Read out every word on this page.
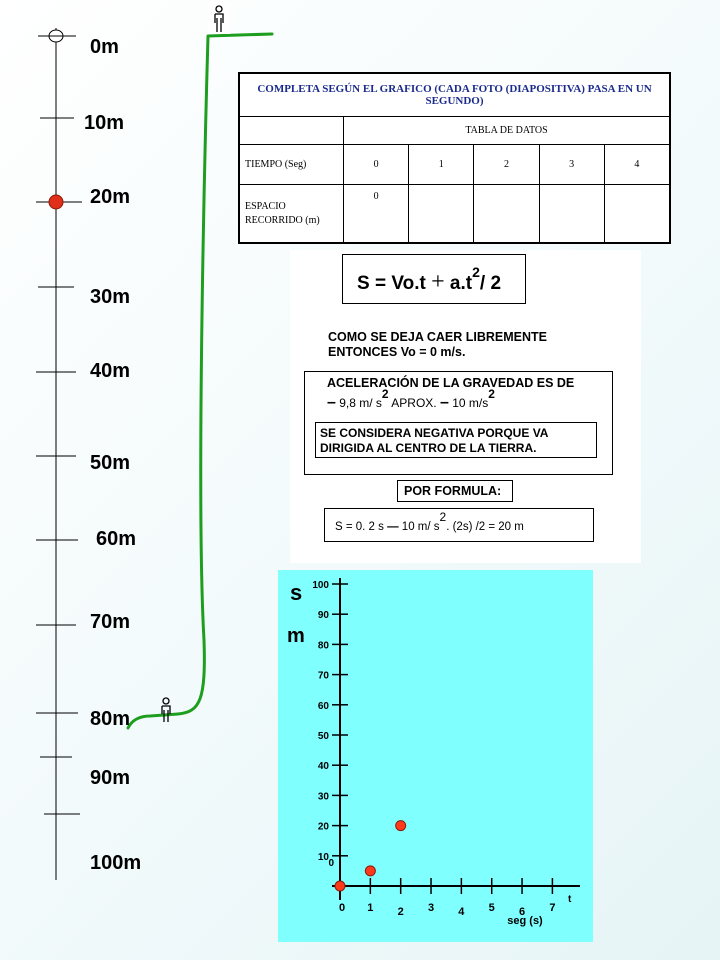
0m
10m
20m
30m
40m
50m
60m
70m
80m
90m
100m
COMPLETA SEGÚN EL GRAFICO (CADA FOTO (DIAPOSITIVA) PASA EN UN SEGUNDO)					
	TABLA DE DATOS				
TIEMPO (Seg)	0	1	2	3	4
ESPACIO RECORRIDO (m)	0				
$S = Vo.t + a.t^2/$ 2
COMO SE DEJA CAER LIBREMENTE
ENTONCES Vo = 0 m/s.
ACELERACIÓN DE LA GRAVEDAD ES DE
– 9,8 m/ s2 APROX. – 10 m/s2
SE CONSIDERA NEGATIVA PORQUE VA
DIRIGIDA AL CENTRO DE LA TIERRA.
POR FORMULA:
S = 0. 2 s — 10 m/ s2. (2s) /2 = 20 m
10
20
30
40
50
60
70
80
90
100
1 2 3 4 5 6 7
0
0
s
m
t
seg (s)
